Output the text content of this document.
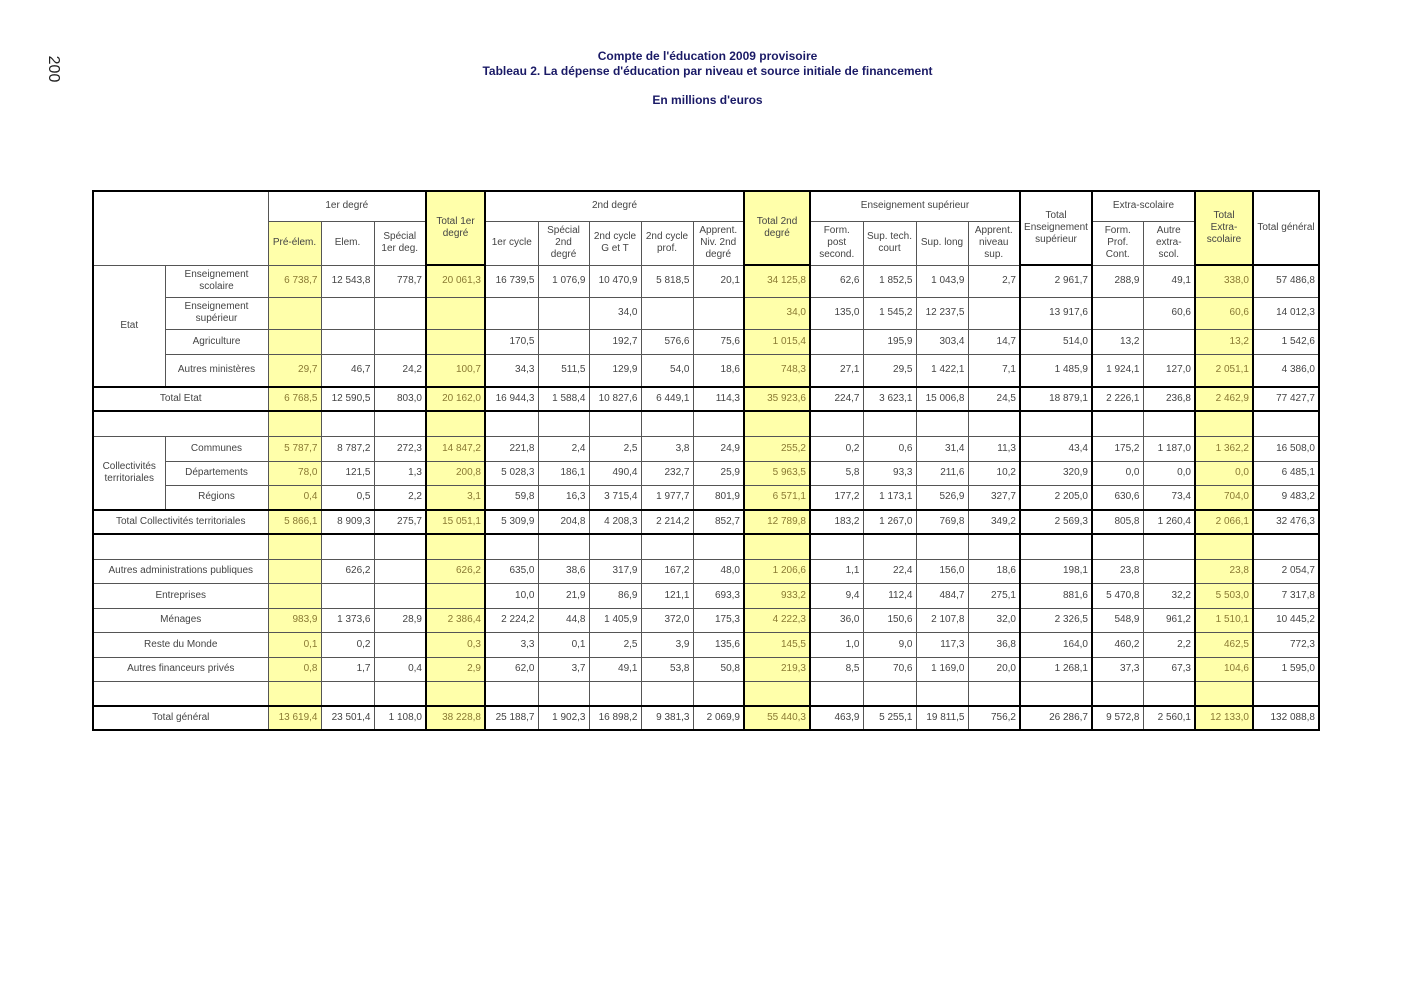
200	Compte de l'éducation 2009 provisoire
Tableau 2. La dépense d'éducation par niveau et source initiale de financement
En millions d'euros
		1er degré			Total 1er degré	2nd degré					Total 2nd degré	Enseignement supérieur				Total Enseignement supérieur	Extra-scolaire		Total Extra-scolaire	Total général
		Pré-élem.	Elem.	Spécial 1er deg.		1er cycle	Spécial 2nd degré	2nd cycle G et T	2nd cycle prof.	Apprent. Niv. 2nd degré		Form. post second.	Sup. tech. court	Sup. long	Apprent. niveau sup.		Form. Prof. Cont.	Autre extra-scol.		
Etat	Enseignement scolaire	6 738,7	12 543,8	778,7	20 061,3	16 739,5	1 076,9	10 470,9	5 818,5	20,1	34 125,8	62,6	1 852,5	1 043,9	2,7	2 961,7	288,9	49,1	338,0	57 486,8
	Enseignement supérieur							34,0			34,0	135,0	1 545,2	12 237,5		13 917,6		60,6	60,6	14 012,3
	Agriculture					170,5		192,7	576,6	75,6	1 015,4		195,9	303,4	14,7	514,0	13,2		13,2	1 542,6
	Autres ministères	29,7	46,7	24,2	100,7	34,3	511,5	129,9	54,0	18,6	748,3	27,1	29,5	1 422,1	7,1	1 485,9	1 924,1	127,0	2 051,1	4 386,0
Total Etat		6 768,5	12 590,5	803,0	20 162,0	16 944,3	1 588,4	10 827,6	6 449,1	114,3	35 923,6	224,7	3 623,1	15 006,8	24,5	18 879,1	2 226,1	236,8	2 462,9	77 427,7

Collectivités territoriales	Communes	5 787,7	8 787,2	272,3	14 847,2	221,8	2,4	2,5	3,8	24,9	255,2	0,2	0,6	31,4	11,3	43,4	175,2	1 187,0	1 362,2	16 508,0
	Départements	78,0	121,5	1,3	200,8	5 028,3	186,1	490,4	232,7	25,9	5 963,5	5,8	93,3	211,6	10,2	320,9	0,0	0,0	0,0	6 485,1
	Régions	0,4	0,5	2,2	3,1	59,8	16,3	3 715,4	1 977,7	801,9	6 571,1	177,2	1 173,1	526,9	327,7	2 205,0	630,6	73,4	704,0	9 483,2
Total Collectivités territoriales		5 866,1	8 909,3	275,7	15 051,1	5 309,9	204,8	4 208,3	2 214,2	852,7	12 789,8	183,2	1 267,0	769,8	349,2	2 569,3	805,8	1 260,4	2 066,1	32 476,3

Autres administrations publiques			626,2		626,2	635,0	38,6	317,9	167,2	48,0	1 206,6	1,1	22,4	156,0	18,6	198,1	23,8		23,8	2 054,7
Entreprises						10,0	21,9	86,9	121,1	693,3	933,2	9,4	112,4	484,7	275,1	881,6	5 470,8	32,2	5 503,0	7 317,8
Ménages		983,9	1 373,6	28,9	2 386,4	2 224,2	44,8	1 405,9	372,0	175,3	4 222,3	36,0	150,6	2 107,8	32,0	2 326,5	548,9	961,2	1 510,1	10 445,2
Reste du Monde		0,1	0,2		0,3	3,3	0,1	2,5	3,9	135,6	145,5	1,0	9,0	117,3	36,8	164,0	460,2	2,2	462,5	772,3
Autres financeurs privés		0,8	1,7	0,4	2,9	62,0	3,7	49,1	53,8	50,8	219,3	8,5	70,6	1 169,0	20,0	1 268,1	37,3	67,3	104,6	1 595,0

Total général		13 619,4	23 501,4	1 108,0	38 228,8	25 188,7	1 902,3	16 898,2	9 381,3	2 069,9	55 440,3	463,9	5 255,1	19 811,5	756,2	26 286,7	9 572,8	2 560,1	12 133,0	132 088,8
